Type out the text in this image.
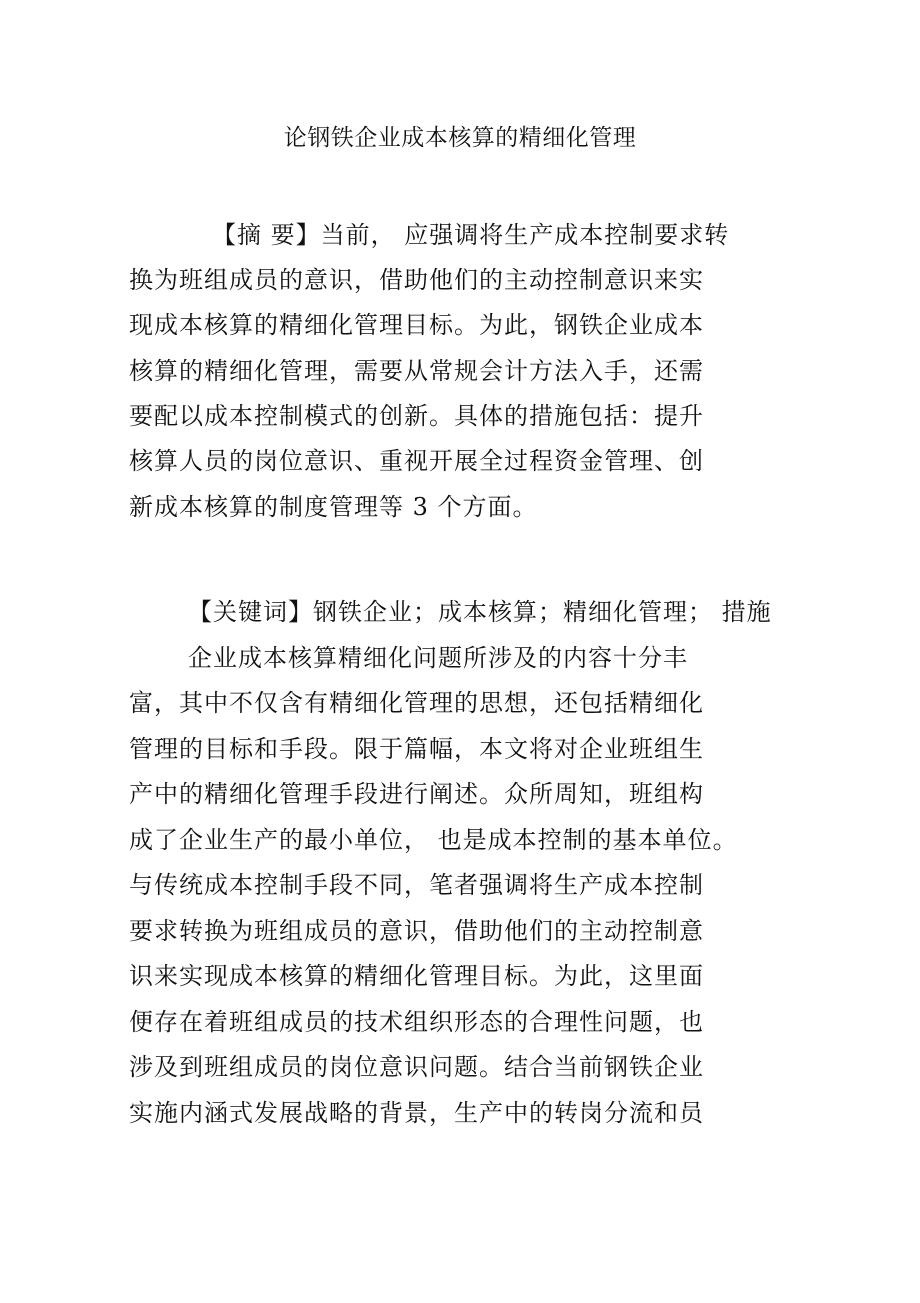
论钢铁企业成本核算的精细化管理
【摘 要】当前， 应强调将生产成本控制要求转
换为班组成员的意识，借助他们的主动控制意识来实
现成本核算的精细化管理目标。为此，钢铁企业成本
核算的精细化管理，需要从常规会计方法入手，还需
要配以成本控制模式的创新。具体的措施包括：提升
核算人员的岗位意识、重视开展全过程资金管理、创
新成本核算的制度管理等 3 个方面。
【关键词】钢铁企业；成本核算；精细化管理； 措施
企业成本核算精细化问题所涉及的内容十分丰
富，其中不仅含有精细化管理的思想，还包括精细化
管理的目标和手段。限于篇幅，本文将对企业班组生
产中的精细化管理手段进行阐述。众所周知，班组构
成了企业生产的最小单位， 也是成本控制的基本单位。
与传统成本控制手段不同，笔者强调将生产成本控制
要求转换为班组成员的意识，借助他们的主动控制意
识来实现成本核算的精细化管理目标。为此，这里面
便存在着班组成员的技术组织形态的合理性问题，也
涉及到班组成员的岗位意识问题。结合当前钢铁企业
实施内涵式发展战略的背景，生产中的转岗分流和员
